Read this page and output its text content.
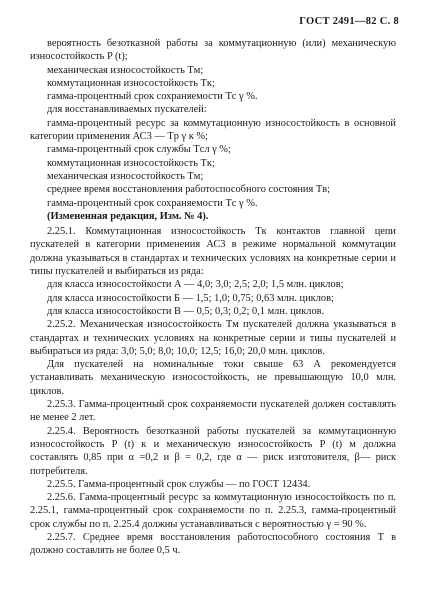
ГОСТ 2491—82 С. 8

вероятность безотказной работы за коммутационную (или) механическую износостойкость P (t);

механическая износостойкость Tм;

коммутационная износостойкость Tк;

гамма-процентный срок сохраняемости Tс γ %.

для восстанавливаемых пускателей:

гамма-процентный ресурс за коммутационную износостойкость в основной категории применения АС3 — Tр γ к %;

гамма-процентный срок службы Tсл γ %;

коммутационная износостойкость Tк;

механическая износостойкость Tм;

среднее время восстановления работоспособного состояния Tв;

гамма-процентный срок сохраняемости Tс γ %.

(Измененная редакция, Изм. № 4).

2.25.1. Коммутационная износостойкость Tк контактов главной цепи пускателей в категории применения АС3 в режиме нормальной коммутации должна указываться в стандартах и технических условиях на конкретные серии и типы пускателей и выбираться из ряда:

для класса износостойкости А — 4,0; 3,0; 2,5; 2,0; 1,5 млн. циклов;

для класса износостойкости Б — 1,5; 1,0; 0,75; 0,63 млн. циклов;

для класса износостойкости В — 0,5; 0,3; 0,2; 0,1 млн. циклов.

2.25.2. Механическая износостойкость Tм пускателей должна указываться в стандартах и технических условиях на конкретные серии и типы пускателей и выбираться из ряда: 3,0; 5,0; 8,0; 10,0; 12,5; 16,0; 20,0 млн. циклов.

Для пускателей на номинальные токи свыше 63 А рекомендуется устанавливать механическую износостойкость, не превышающую 10,0 млн. циклов.

2.25.3. Гамма-процентный срок сохраняемости пускателей должен составлять не менее 2 лет.

2.25.4. Вероятность безотказной работы пускателей за коммутационную износостойкость P (t) к и механическую износостойкость P (t) м должна составлять 0,85 при α =0,2 и β = 0,2, где α — риск изготовителя, β— риск потребителя.

2.25.5. Гамма-процентный срок службы — по ГОСТ 12434.

2.25.6. Гамма-процентный ресурс за коммутационную износостойкость по п. 2.25.1, гамма-процентный срок сохраняемости по п. 2.25.3, гамма-процентный срок службы по п. 2.25.4 должны устанавливаться с вероятностью γ = 90 %.

2.25.7. Среднее время восстановления работоспособного состояния T в должно составлять не более 0,5 ч.
